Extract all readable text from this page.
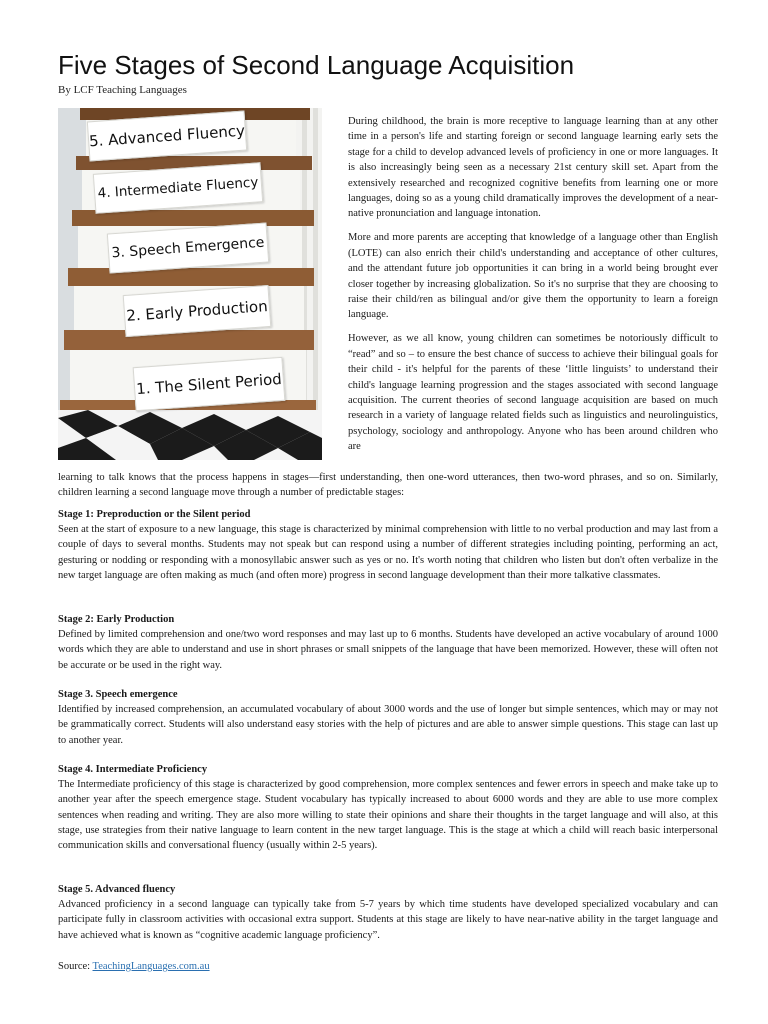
Five Stages of Second Language Acquisition
By LCF Teaching Languages
5. Advanced Fluency
4. Intermediate Fluency
3. Speech Emergence
2. Early Production
1. The Silent Period

During childhood, the brain is more receptive to language learning than at any other time in a person's life and starting foreign or second language learning early sets the stage for a child to develop advanced levels of proficiency in one or more languages. It is also increasingly being seen as a necessary 21st century skill set. Apart from the extensively researched and recognized cognitive benefits from learning one or more languages, doing so as a young child dramatically improves the development of a near-native pronunciation and language intonation.

More and more parents are accepting that knowledge of a language other than English (LOTE) can also enrich their child's understanding and acceptance of other cultures, and the attendant future job opportunities it can bring in a world being brought ever closer together by increasing globalization. So it's no surprise that they are choosing to raise their child/ren as bilingual and/or give them the opportunity to learn a foreign language.

However, as we all know, young children can sometimes be notoriously difficult to “read” and so – to ensure the best chance of success to achieve their bilingual goals for their child - it's helpful for the parents of these ‘little linguists’ to understand their child's language learning progression and the stages associated with second language acquisition. The current theories of second language acquisition are based on much research in a variety of language related fields such as linguistics and neurolinguistics, psychology, sociology and anthropology. Anyone who has been around children who are

learning to talk knows that the process happens in stages—first understanding, then one-word utterances, then two-word phrases, and so on. Similarly, children learning a second language move through a number of predictable stages:
Stage 1: Preproduction or the Silent period

Seen at the start of exposure to a new language, this stage is characterized by minimal comprehension with little to no verbal production and may last from a couple of days to several months. Students may not speak but can respond using a number of different strategies including pointing, performing an act, gesturing or nodding or responding with a monosyllabic answer such as yes or no. It's worth noting that children who listen but don't often verbalize in the new target language are often making as much (and often more) progress in second language development than their more talkative classmates.

Stage 2: Early Production

Defined by limited comprehension and one/two word responses and may last up to 6 months. Students have developed an active vocabulary of around 1000 words which they are able to understand and use in short phrases or small snippets of the language that have been memorized. However, these will often not be accurate or be used in the right way.

Stage 3. Speech emergence

Identified by increased comprehension, an accumulated vocabulary of about 3000 words and the use of longer but simple sentences, which may or may not be grammatically correct. Students will also understand easy stories with the help of pictures and are able to answer simple questions. This stage can last up to another year.

Stage 4. Intermediate Proficiency

The Intermediate proficiency of this stage is characterized by good comprehension, more complex sentences and fewer errors in speech and make take up to another year after the speech emergence stage. Student vocabulary has typically increased to about 6000 words and they are able to use more complex sentences when reading and writing. They are also more willing to state their opinions and share their thoughts in the target language and will also, at this stage, use strategies from their native language to learn content in the new target language. This is the stage at which a child will reach basic interpersonal communication skills and conversational fluency (usually within 2-5 years).

Stage 5. Advanced fluency

Advanced proficiency in a second language can typically take from 5-7 years by which time students have developed specialized vocabulary and can participate fully in classroom activities with occasional extra support. Students at this stage are likely to have near-native ability in the target language and have achieved what is known as “cognitive academic language proficiency”.

Source: TeachingLanguages.com.au
